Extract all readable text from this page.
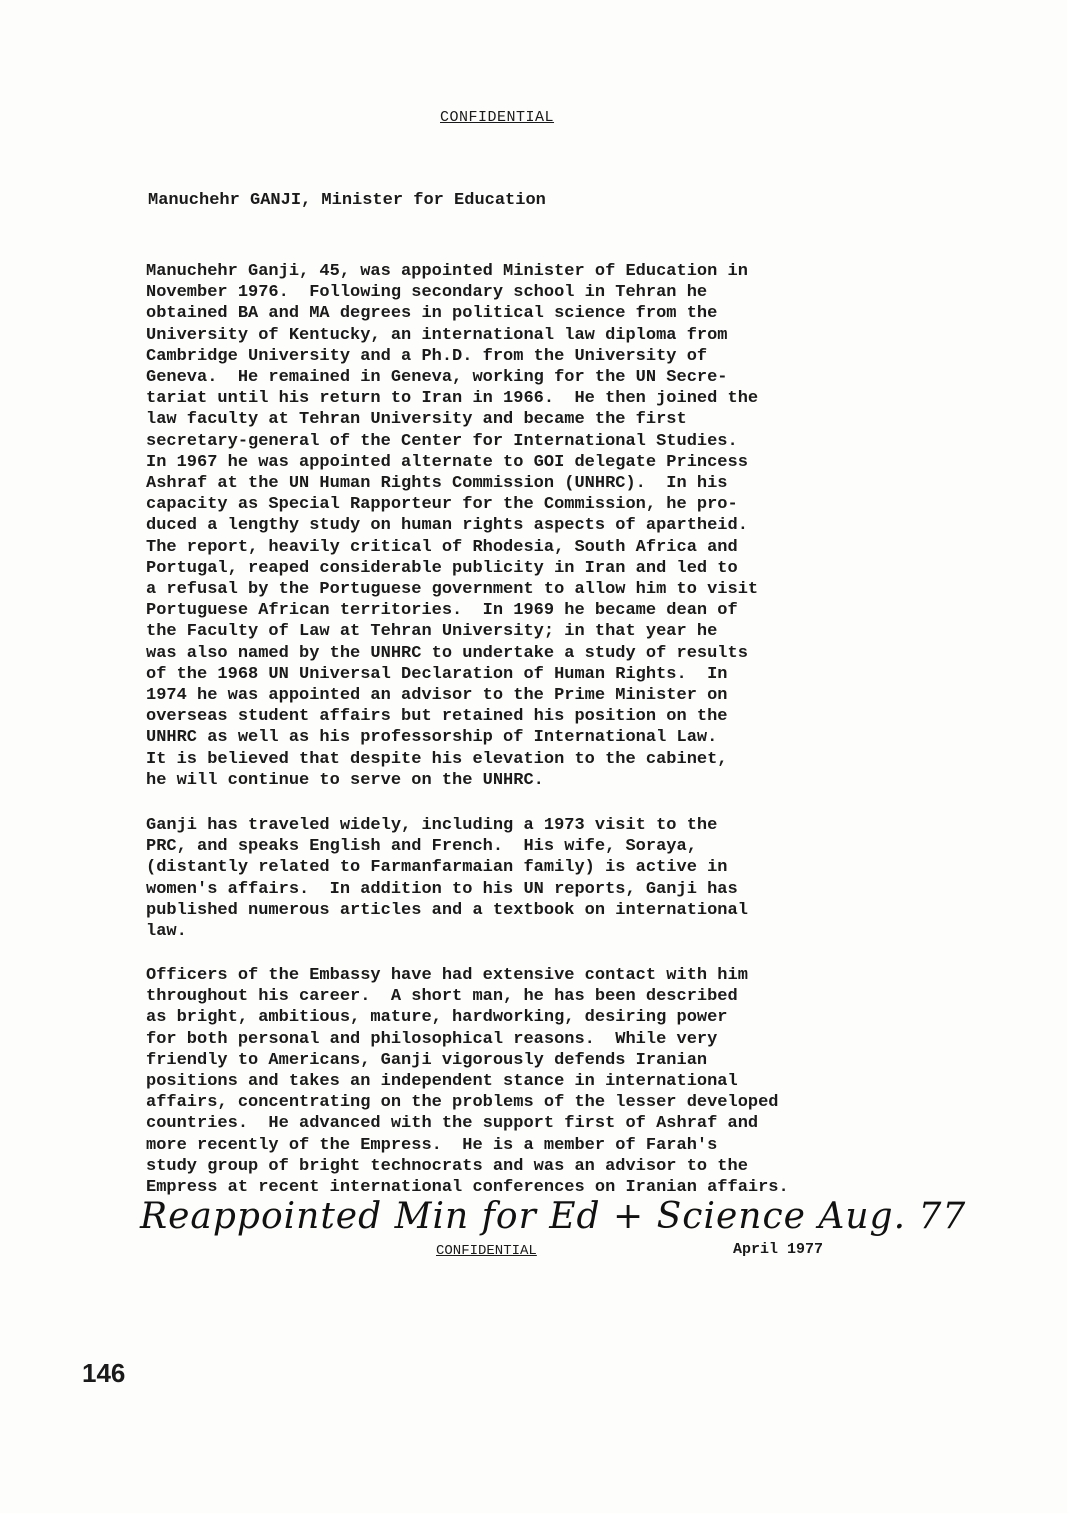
CONFIDENTIAL
Manuchehr GANJI, Minister for Education
Manuchehr Ganji, 45, was appointed Minister of Education in
November 1976.  Following secondary school in Tehran he
obtained BA and MA degrees in political science from the
University of Kentucky, an international law diploma from
Cambridge University and a Ph.D. from the University of
Geneva.  He remained in Geneva, working for the UN Secre-
tariat until his return to Iran in 1966.  He then joined the
law faculty at Tehran University and became the first
secretary-general of the Center for International Studies.
In 1967 he was appointed alternate to GOI delegate Princess
Ashraf at the UN Human Rights Commission (UNHRC).  In his
capacity as Special Rapporteur for the Commission, he pro-
duced a lengthy study on human rights aspects of apartheid.
The report, heavily critical of Rhodesia, South Africa and
Portugal, reaped considerable publicity in Iran and led to
a refusal by the Portuguese government to allow him to visit
Portuguese African territories.  In 1969 he became dean of
the Faculty of Law at Tehran University; in that year he
was also named by the UNHRC to undertake a study of results
of the 1968 UN Universal Declaration of Human Rights.  In
1974 he was appointed an advisor to the Prime Minister on
overseas student affairs but retained his position on the
UNHRC as well as his professorship of International Law.
It is believed that despite his elevation to the cabinet,
he will continue to serve on the UNHRC.
Ganji has traveled widely, including a 1973 visit to the
PRC, and speaks English and French.  His wife, Soraya,
(distantly related to Farmanfarmaian family) is active in
women's affairs.  In addition to his UN reports, Ganji has
published numerous articles and a textbook on international
law.
Officers of the Embassy have had extensive contact with him
throughout his career.  A short man, he has been described
as bright, ambitious, mature, hardworking, desiring power
for both personal and philosophical reasons.  While very
friendly to Americans, Ganji vigorously defends Iranian
positions and takes an independent stance in international
affairs, concentrating on the problems of the lesser developed
countries.  He advanced with the support first of Ashraf and
more recently of the Empress.  He is a member of Farah's
study group of bright technocrats and was an advisor to the
Empress at recent international conferences on Iranian affairs.
Reappointed Min for Ed + Science Aug. 77
CONFIDENTIAL	April 1977
146
